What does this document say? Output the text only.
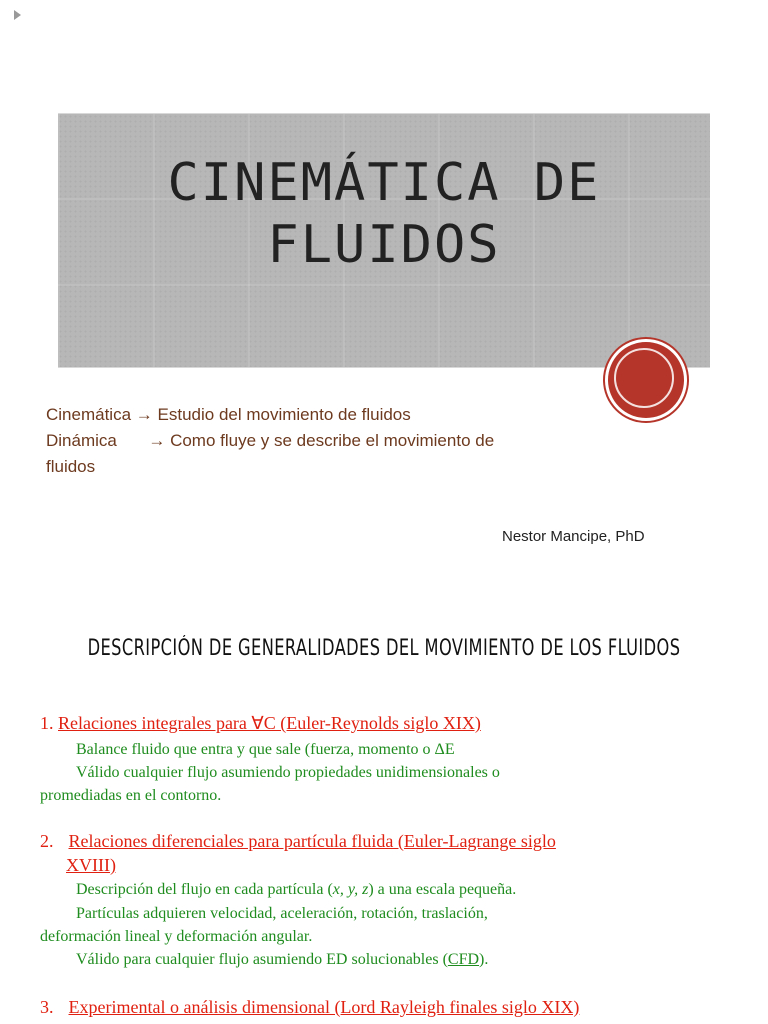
CINEMÁTICA DE
FLUIDOS
Cinemática → Estudio del movimiento de fluidos
Dinámica → Como fluye y se describe el movimiento de
fluidos
Nestor Mancipe, PhD
DESCRIPCIÓN DE GENERALIDADES DEL MOVIMIENTO DE LOS FLUIDOS
1. Relaciones integrales para ∀C (Euler-Reynolds siglo XIX)
Balance fluido que entra y que sale (fuerza, momento o ΔE
Válido cualquier flujo asumiendo propiedades unidimensionales o
promediadas en el contorno.
2. Relaciones diferenciales para partícula fluida (Euler-Lagrange siglo
XVIII)
Descripción del flujo en cada partícula (x, y, z) a una escala pequeña.
Partículas adquieren velocidad, aceleración, rotación, traslación,
deformación lineal y deformación angular.
Válido para cualquier flujo asumiendo ED solucionables (CFD).
3. Experimental o análisis dimensional (Lord Rayleigh finales siglo XIX)
